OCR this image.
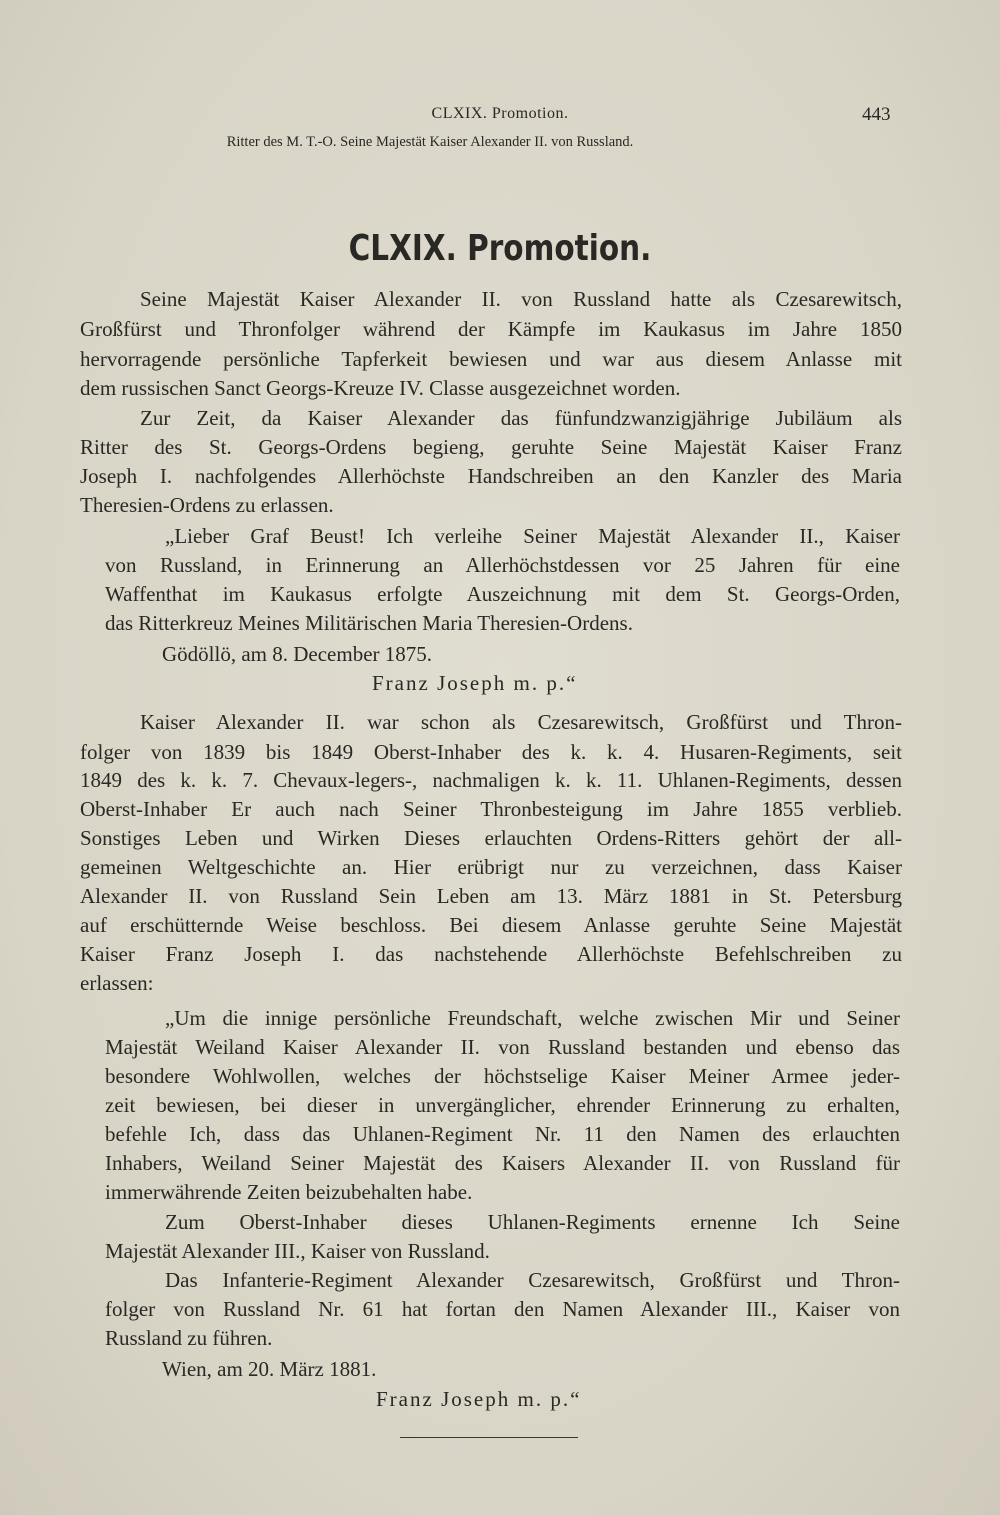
CLXIX. Promotion.	443
Ritter des M. T.-O. Seine Majestät Kaiser Alexander II. von Russland.
CLXIX. Promotion.
Seine Majestät Kaiser Alexander II. von Russland hatte als Czesarewitsch,
Großfürst und Thronfolger während der Kämpfe im Kaukasus im Jahre 1850
hervorragende persönliche Tapferkeit bewiesen und war aus diesem Anlasse mit
dem russischen Sanct Georgs-Kreuze IV. Classe ausgezeichnet worden.
Zur Zeit, da Kaiser Alexander das fünfundzwanzigjährige Jubiläum als
Ritter des St. Georgs-Ordens begieng, geruhte Seine Majestät Kaiser Franz
Joseph I. nachfolgendes Allerhöchste Handschreiben an den Kanzler des Maria
Theresien-Ordens zu erlassen.
„Lieber Graf Beust! Ich verleihe Seiner Majestät Alexander II., Kaiser
von Russland, in Erinnerung an Allerhöchstdessen vor 25 Jahren für eine
Waffenthat im Kaukasus erfolgte Auszeichnung mit dem St. Georgs-Orden,
das Ritterkreuz Meines Militärischen Maria Theresien-Ordens.
Gödöllö, am 8. December 1875.
Franz Joseph m. p.“
Kaiser Alexander II. war schon als Czesarewitsch, Großfürst und Thron-
folger von 1839 bis 1849 Oberst-Inhaber des k. k. 4. Husaren-Regiments, seit
1849 des k. k. 7. Chevaux-legers-, nachmaligen k. k. 11. Uhlanen-Regiments, dessen
Oberst-Inhaber Er auch nach Seiner Thronbesteigung im Jahre 1855 verblieb.
Sonstiges Leben und Wirken Dieses erlauchten Ordens-Ritters gehört der all-
gemeinen Weltgeschichte an. Hier erübrigt nur zu verzeichnen, dass Kaiser
Alexander II. von Russland Sein Leben am 13. März 1881 in St. Petersburg
auf erschütternde Weise beschloss. Bei diesem Anlasse geruhte Seine Majestät
Kaiser Franz Joseph I. das nachstehende Allerhöchste Befehlschreiben zu
erlassen:
„Um die innige persönliche Freundschaft, welche zwischen Mir und Seiner
Majestät Weiland Kaiser Alexander II. von Russland bestanden und ebenso das
besondere Wohlwollen, welches der höchstselige Kaiser Meiner Armee jeder-
zeit bewiesen, bei dieser in unvergänglicher, ehrender Erinnerung zu erhalten,
befehle Ich, dass das Uhlanen-Regiment Nr. 11 den Namen des erlauchten
Inhabers, Weiland Seiner Majestät des Kaisers Alexander II. von Russland für
immerwährende Zeiten beizubehalten habe.
Zum Oberst-Inhaber dieses Uhlanen-Regiments ernenne Ich Seine
Majestät Alexander III., Kaiser von Russland.
Das Infanterie-Regiment Alexander Czesarewitsch, Großfürst und Thron-
folger von Russland Nr. 61 hat fortan den Namen Alexander III., Kaiser von
Russland zu führen.
Wien, am 20. März 1881.
Franz Joseph m. p.“
